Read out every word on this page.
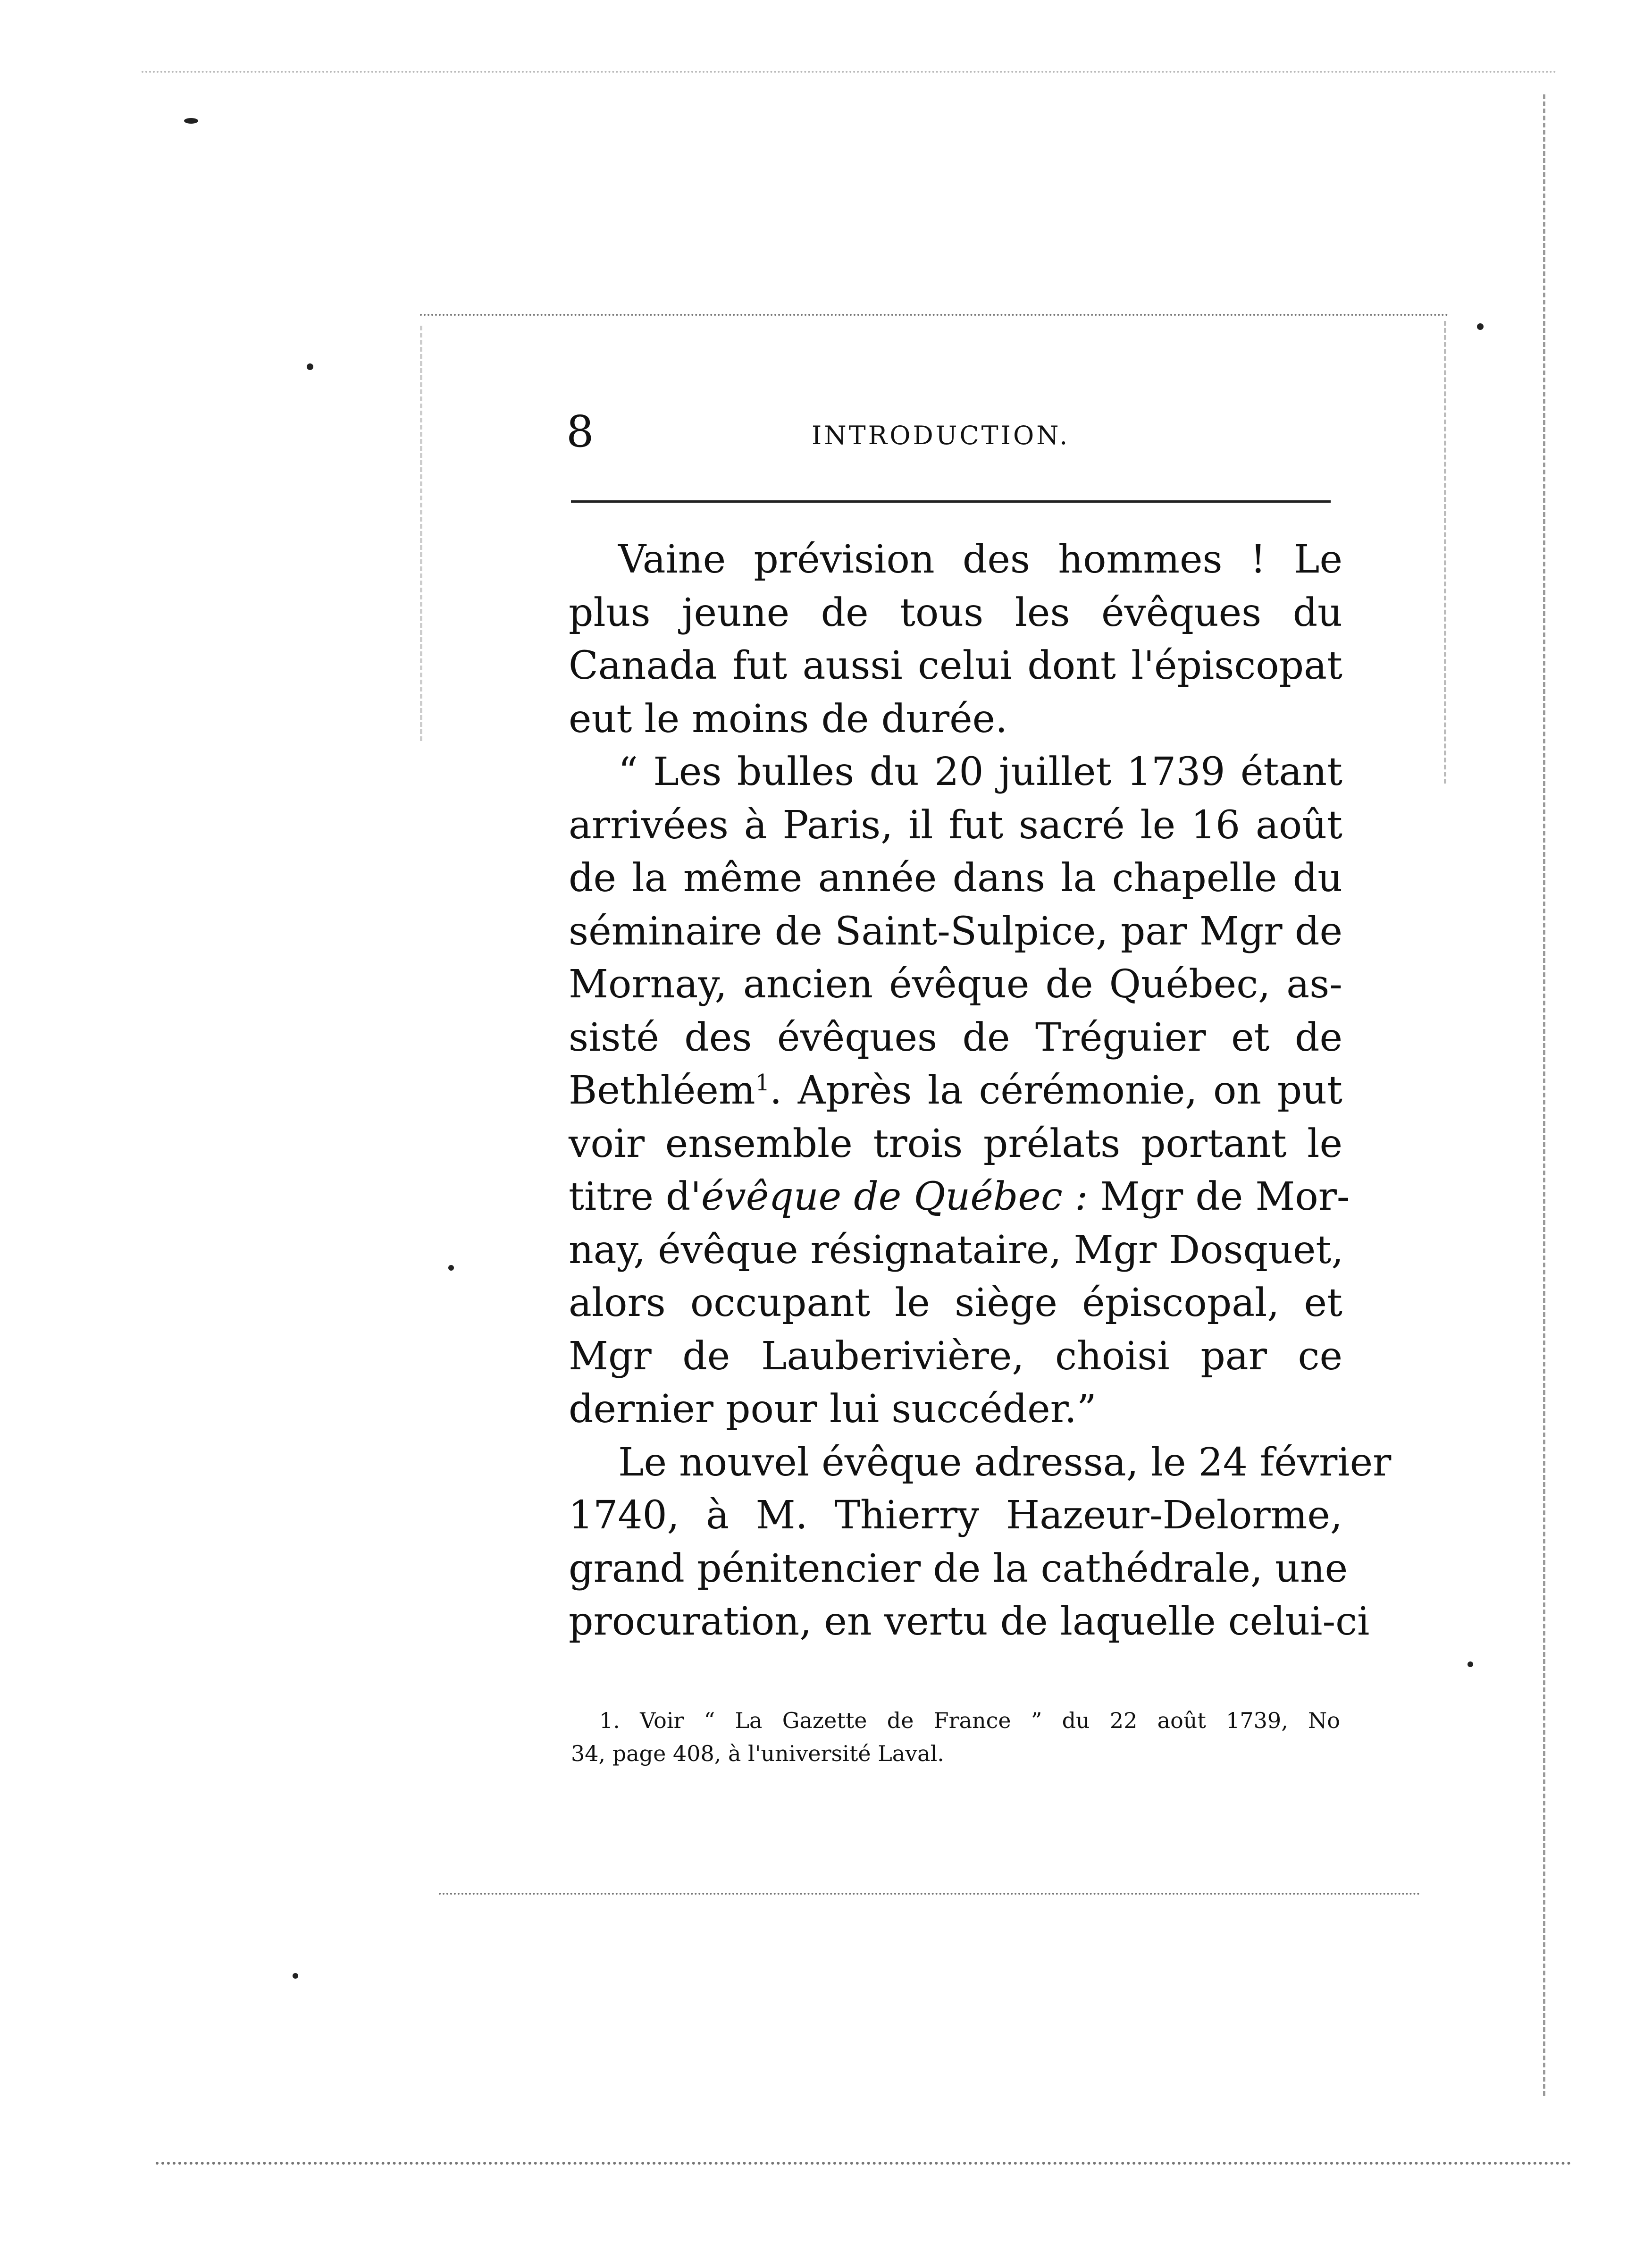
8	INTRODUCTION.
Vaine prévision des hommes ! Le
plus jeune de tous les évêques du
Canada fut aussi celui dont l'épiscopat
eut le moins de durée.
“ Les bulles du 20 juillet 1739 étant
arrivées à Paris, il fut sacré le 16 août
de la même année dans la chapelle du
séminaire de Saint-Sulpice, par Mgr de
Mornay, ancien évêque de Québec, as-
sisté des évêques de Tréguier et de
Bethléem$^1$. Après la cérémonie, on put
voir ensemble trois prélats portant le
titre d'évêque de Québec : Mgr de Mor-
nay, évêque résignataire, Mgr Dosquet,
alors occupant le siège épiscopal, et
Mgr de Lauberivière, choisi par ce
dernier pour lui succéder.”
Le nouvel évêque adressa, le 24 février
1740, à M. Thierry Hazeur-Delorme,
grand pénitencier de la cathédrale, une
procuration, en vertu de laquelle celui-ci
1. Voir “ La Gazette de France ” du 22 août 1739, No
34, page 408, à l'université Laval.
